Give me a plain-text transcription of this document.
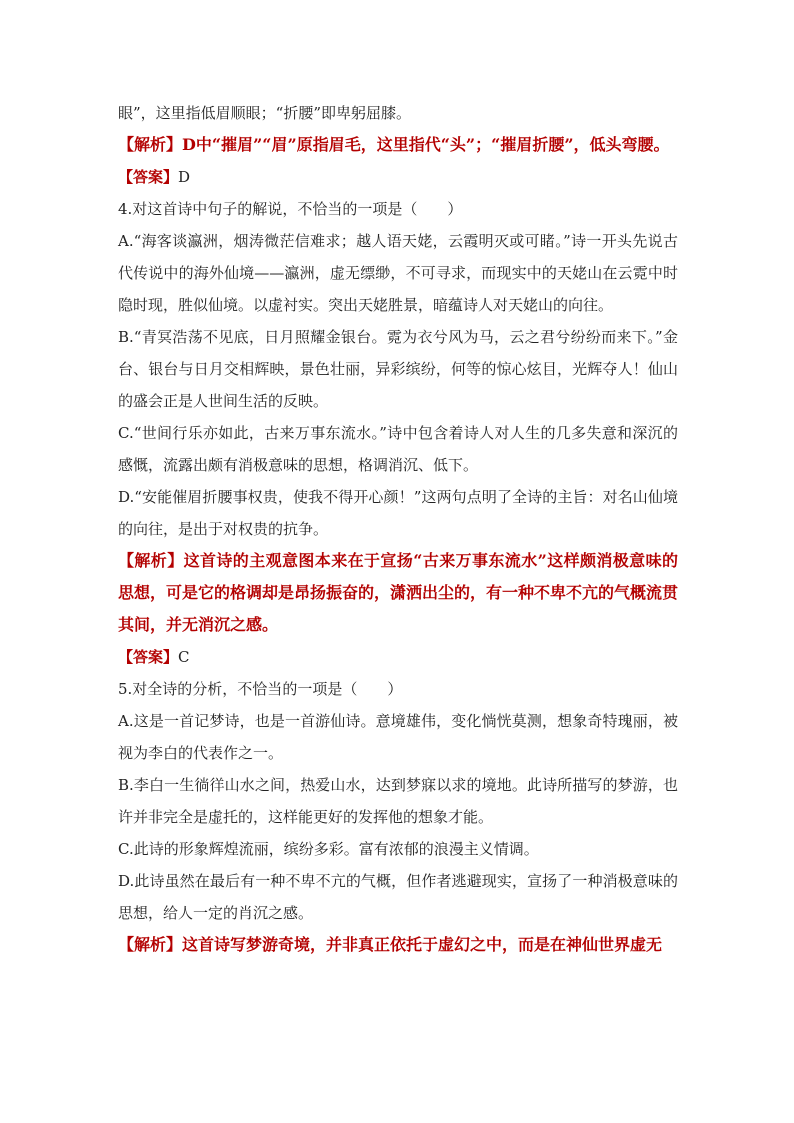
眼”，这里指低眉顺眼；“折腰”即卑躬屈膝。

【解析】D中“摧眉”“眉”原指眉毛，这里指代“头”；“摧眉折腰”，低头弯腰。

【答案】D

4.对这首诗中句子的解说，不恰当的一项是（　　）

A.“海客谈瀛洲，烟涛微茫信难求；越人语天姥，云霞明灭或可睹。”诗一开头先说古代传说中的海外仙境——瀛洲，虚无缥缈，不可寻求，而现实中的天姥山在云霓中时隐时现，胜似仙境。以虚衬实。突出天姥胜景，暗蕴诗人对天姥山的向往。

B.“青冥浩荡不见底，日月照耀金银台。霓为衣兮风为马，云之君兮纷纷而来下。”金台、银台与日月交相辉映，景色壮丽，异彩缤纷，何等的惊心炫目，光辉夺人！仙山的盛会正是人世间生活的反映。

C.“世间行乐亦如此，古来万事东流水。”诗中包含着诗人对人生的几多失意和深沉的感慨，流露出颇有消极意味的思想，格调消沉、低下。

D.“安能催眉折腰事权贵，使我不得开心颜！”这两句点明了全诗的主旨：对名山仙境的向往，是出于对权贵的抗争。

【解析】这首诗的主观意图本来在于宣扬“古来万事东流水”这样颇消极意味的思想，可是它的格调却是昂扬振奋的，潇洒出尘的，有一种不卑不亢的气概流贯其间，并无消沉之感。

【答案】C

5.对全诗的分析，不恰当的一项是（　　）

A.这是一首记梦诗，也是一首游仙诗。意境雄伟，变化惝恍莫测，想象奇特瑰丽，被视为李白的代表作之一。

B.李白一生徜徉山水之间，热爱山水，达到梦寐以求的境地。此诗所描写的梦游，也许并非完全是虚托的，这样能更好的发挥他的想象才能。

C.此诗的形象辉煌流丽，缤纷多彩。富有浓郁的浪漫主义情调。

D.此诗虽然在最后有一种不卑不亢的气概，但作者逃避现实，宣扬了一种消极意味的思想，给人一定的肖沉之感。

【解析】这首诗写梦游奇境，并非真正依托于虚幻之中，而是在神仙世界虚无
